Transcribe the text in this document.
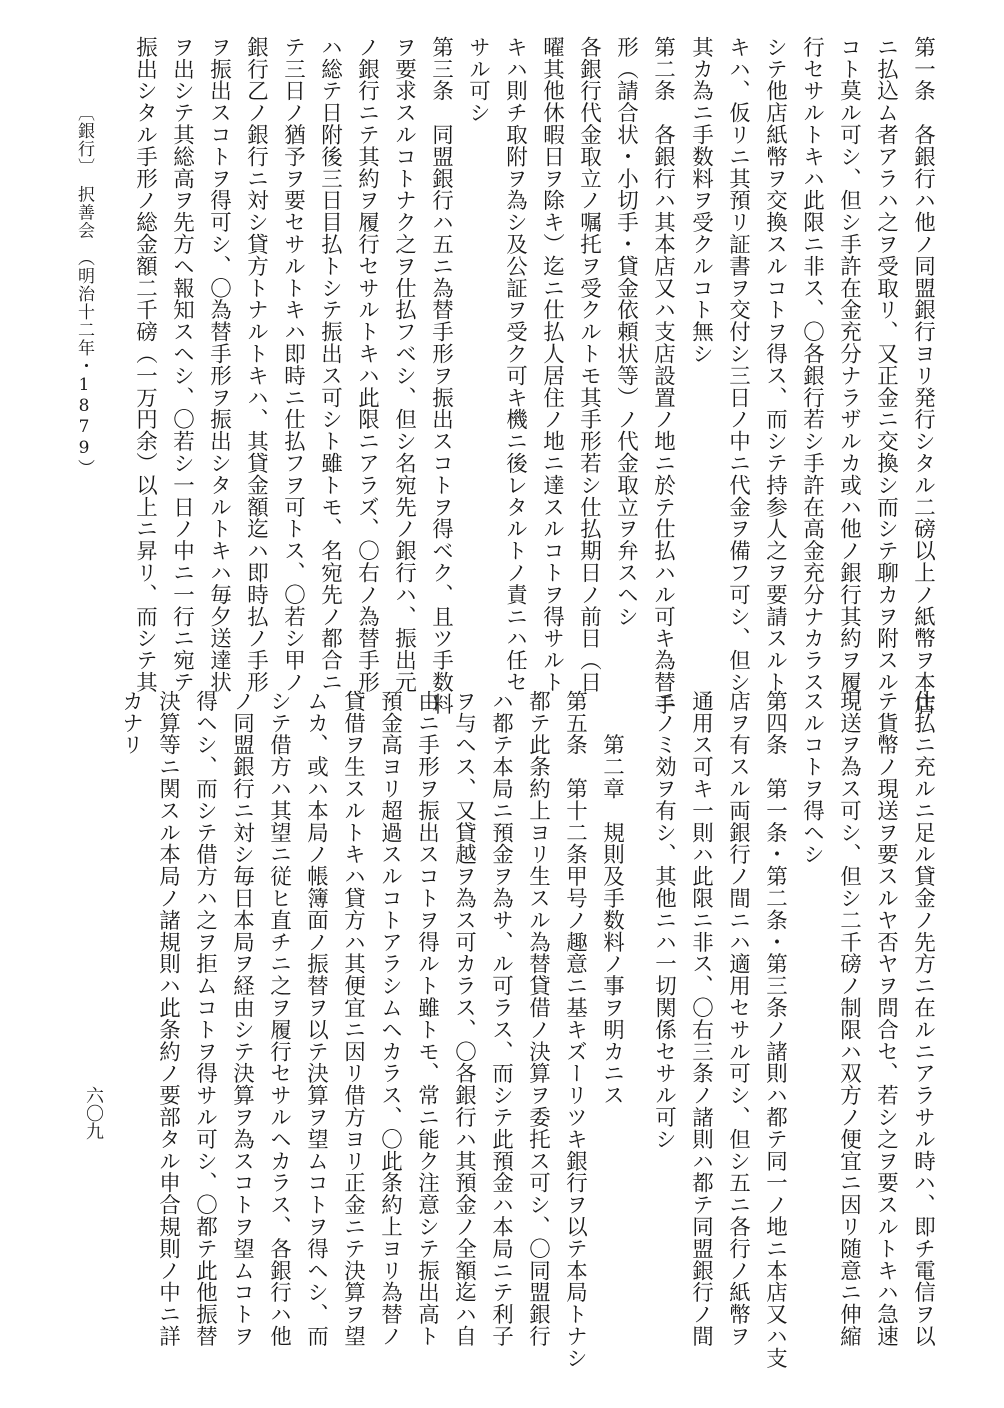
〔銀行〕　択善会　（明治十二年・1879）
六〇九
第一条　各銀行ハ他ノ同盟銀行ヨリ発行シタル二磅以上ノ紙幣ヲ本店
ニ払込ム者アラハ之ヲ受取リ、又正金ニ交換シ而シテ聊カヲ附スル
コト莫ル可シ、但シ手許在金充分ナラザルカ或ハ他ノ銀行其約ヲ履
行セサルトキハ此限ニ非ス、〇各銀行若シ手許在高金充分ナカラス
シテ他店紙幣ヲ交換スルコトヲ得ス、而シテ持参人之ヲ要請スルト
キハ、仮リニ其預リ証書ヲ交付シ三日ノ中ニ代金ヲ備フ可シ、但シ
其カ為ニ手数料ヲ受クルコト無シ
第二条　各銀行ハ其本店又ハ支店設置ノ地ニ於テ仕払ハル可キ為替手
形（請合状・小切手・貸金依頼状等）ノ代金取立ヲ弁スヘシ
各銀行代金取立ノ嘱托ヲ受クルトモ其手形若シ仕払期日ノ前日（日
曜其他休暇日ヲ除キ）迄ニ仕払人居住ノ地ニ達スルコトヲ得サルト
キハ則チ取附ヲ為シ及公証ヲ受ク可キ機ニ後レタルトノ責ニハ任セ
サル可シ
第三条　同盟銀行ハ五ニ為替手形ヲ振出スコトヲ得ベク、且ツ手数料
ヲ要求スルコトナク之ヲ仕払フベシ、但シ名宛先ノ銀行ハ、振出元
ノ銀行ニテ其約ヲ履行セサルトキハ此限ニアラズ、〇右ノ為替手形
ハ総テ日附後三日目払トシテ振出ス可シト雖トモ、名宛先ノ都合ニ
テ三日ノ猶予ヲ要セサルトキハ即時ニ仕払フヲ可トス、〇若シ甲ノ
銀行乙ノ銀行ニ対シ貸方トナルトキハ、其貸金額迄ハ即時払ノ手形
ヲ振出スコトヲ得可シ、〇為替手形ヲ振出シタルトキハ毎夕送達状
ヲ出シテ其総高ヲ先方ヘ報知スヘシ、〇若シ一日ノ中ニ一行ニ宛テ
振出シタル手形ノ総金額二千磅（一万円余）以上ニ昇リ、而シテ其
仕払ニ充ルニ足ル貸金ノ先方ニ在ルニアラサル時ハ、即チ電信ヲ以
テ貨幣ノ現送ヲ要スルヤ否ヤヲ問合セ、若シ之ヲ要スルトキハ急速
現送ヲ為ス可シ、但シ二千磅ノ制限ハ双方ノ便宜ニ因リ随意ニ伸縮
スルコトヲ得ヘシ
第四条　第一条・第二条・第三条ノ諸則ハ都テ同一ノ地ニ本店又ハ支
店ヲ有スル両銀行ノ間ニハ適用セサル可シ、但シ五ニ各行ノ紙幣ヲ
通用ス可キ一則ハ此限ニ非ス、〇右三条ノ諸則ハ都テ同盟銀行ノ間
ニノミ効ヲ有シ、其他ニハ一切関係セサル可シ
　　第二章　規則及手数料ノ事ヲ明カニス
第五条　第十二条甲号ノ趣意ニ基キズーリツキ銀行ヲ以テ本局トナシ
都テ此条約上ヨリ生スル為替貸借ノ決算ヲ委托ス可シ、〇同盟銀行
ハ都テ本局ニ預金ヲ為サ、ル可ラス、而シテ此預金ハ本局ニテ利子
ヲ与ヘス、又貸越ヲ為ス可カラス、〇各銀行ハ其預金ノ全額迄ハ自
由ニ手形ヲ振出スコトヲ得ルト雖トモ、常ニ能ク注意シテ振出高ト
預金高ヨリ超過スルコトアラシムヘカラス、〇此条約上ヨリ為替ノ
貸借ヲ生スルトキハ貸方ハ其便宜ニ因リ借方ヨリ正金ニテ決算ヲ望
ムカ、或ハ本局ノ帳簿面ノ振替ヲ以テ決算ヲ望ムコトヲ得ヘシ、而
シテ借方ハ其望ニ従ヒ直チニ之ヲ履行セサルヘカラス、各銀行ハ他
ノ同盟銀行ニ対シ毎日本局ヲ経由シテ決算ヲ為スコトヲ望ムコトヲ
得ヘシ、而シテ借方ハ之ヲ拒ムコトヲ得サル可シ、〇都テ此他振替
決算等ニ関スル本局ノ諸規則ハ此条約ノ要部タル申合規則ノ中ニ詳
カナリ
